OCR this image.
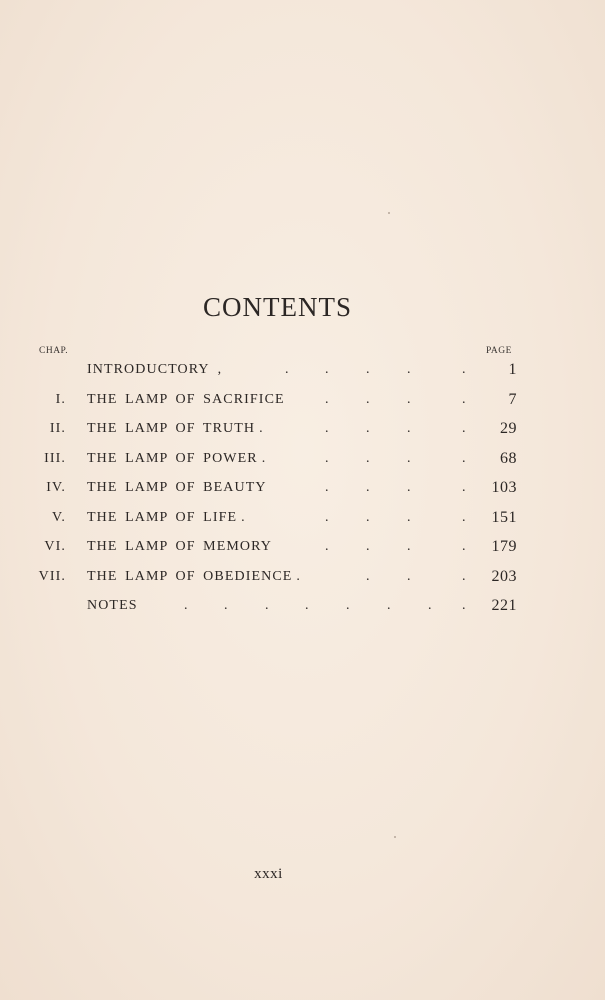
CONTENTS
CHAP.	PAGE
INTRODUCTORY ,	.	.	.	.	.	1
I. THE LAMP OF SACRIFICE	.	.	.	.	7
II. THE LAMP OF TRUTH .	.	.	.	. 29
III. THE LAMP OF POWER .	.	.	.	. 68
IV. THE LAMP OF BEAUTY	.	.	.	. 103
V. THE LAMP OF LIFE .	.	.	.	. 151
VI. THE LAMP OF MEMORY	.	.	.	. 179
VII. THE LAMP OF OBEDIENCE .	.	.	. 203
NOTES	.	.	.	.	.	.	. . 221
xxxi
